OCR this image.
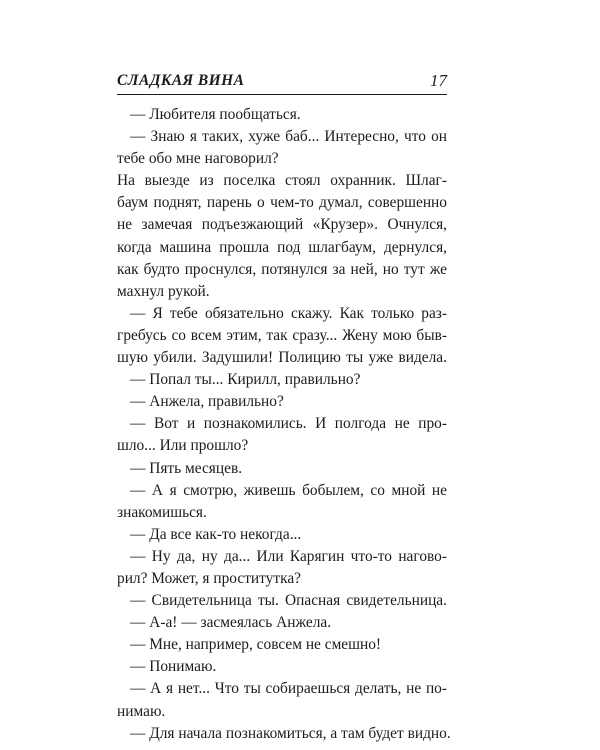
СЛАДКАЯ ВИНА	17
— Любителя пообщаться.
— Знаю я таких, хуже баб... Интересно, что он
тебе обо мне наговорил?
На выезде из поселка стоял охранник. Шлаг-
баум поднят, парень о чем-то думал, совершенно
не замечая подъезжающий «Крузер». Очнулся,
когда машина прошла под шлагбаум, дернулся,
как будто проснулся, потянулся за ней, но тут же
махнул рукой.
— Я тебе обязательно скажу. Как только раз-
гребусь со всем этим, так сразу... Жену мою быв-
шую убили. Задушили! Полицию ты уже видела.
— Попал ты... Кирилл, правильно?
— Анжела, правильно?
— Вот и познакомились. И полгода не про-
шло... Или прошло?
— Пять месяцев.
— А я смотрю, живешь бобылем, со мной не
знакомишься.
— Да все как-то некогда...
— Ну да, ну да... Или Карягин что-то нагово-
рил? Может, я проститутка?
— Свидетельница ты. Опасная свидетельница.
— А-а! — засмеялась Анжела.
— Мне, например, совсем не смешно!
— Понимаю.
— А я нет... Что ты собираешься делать, не по-
нимаю.
— Для начала познакомиться, а там будет видно.
